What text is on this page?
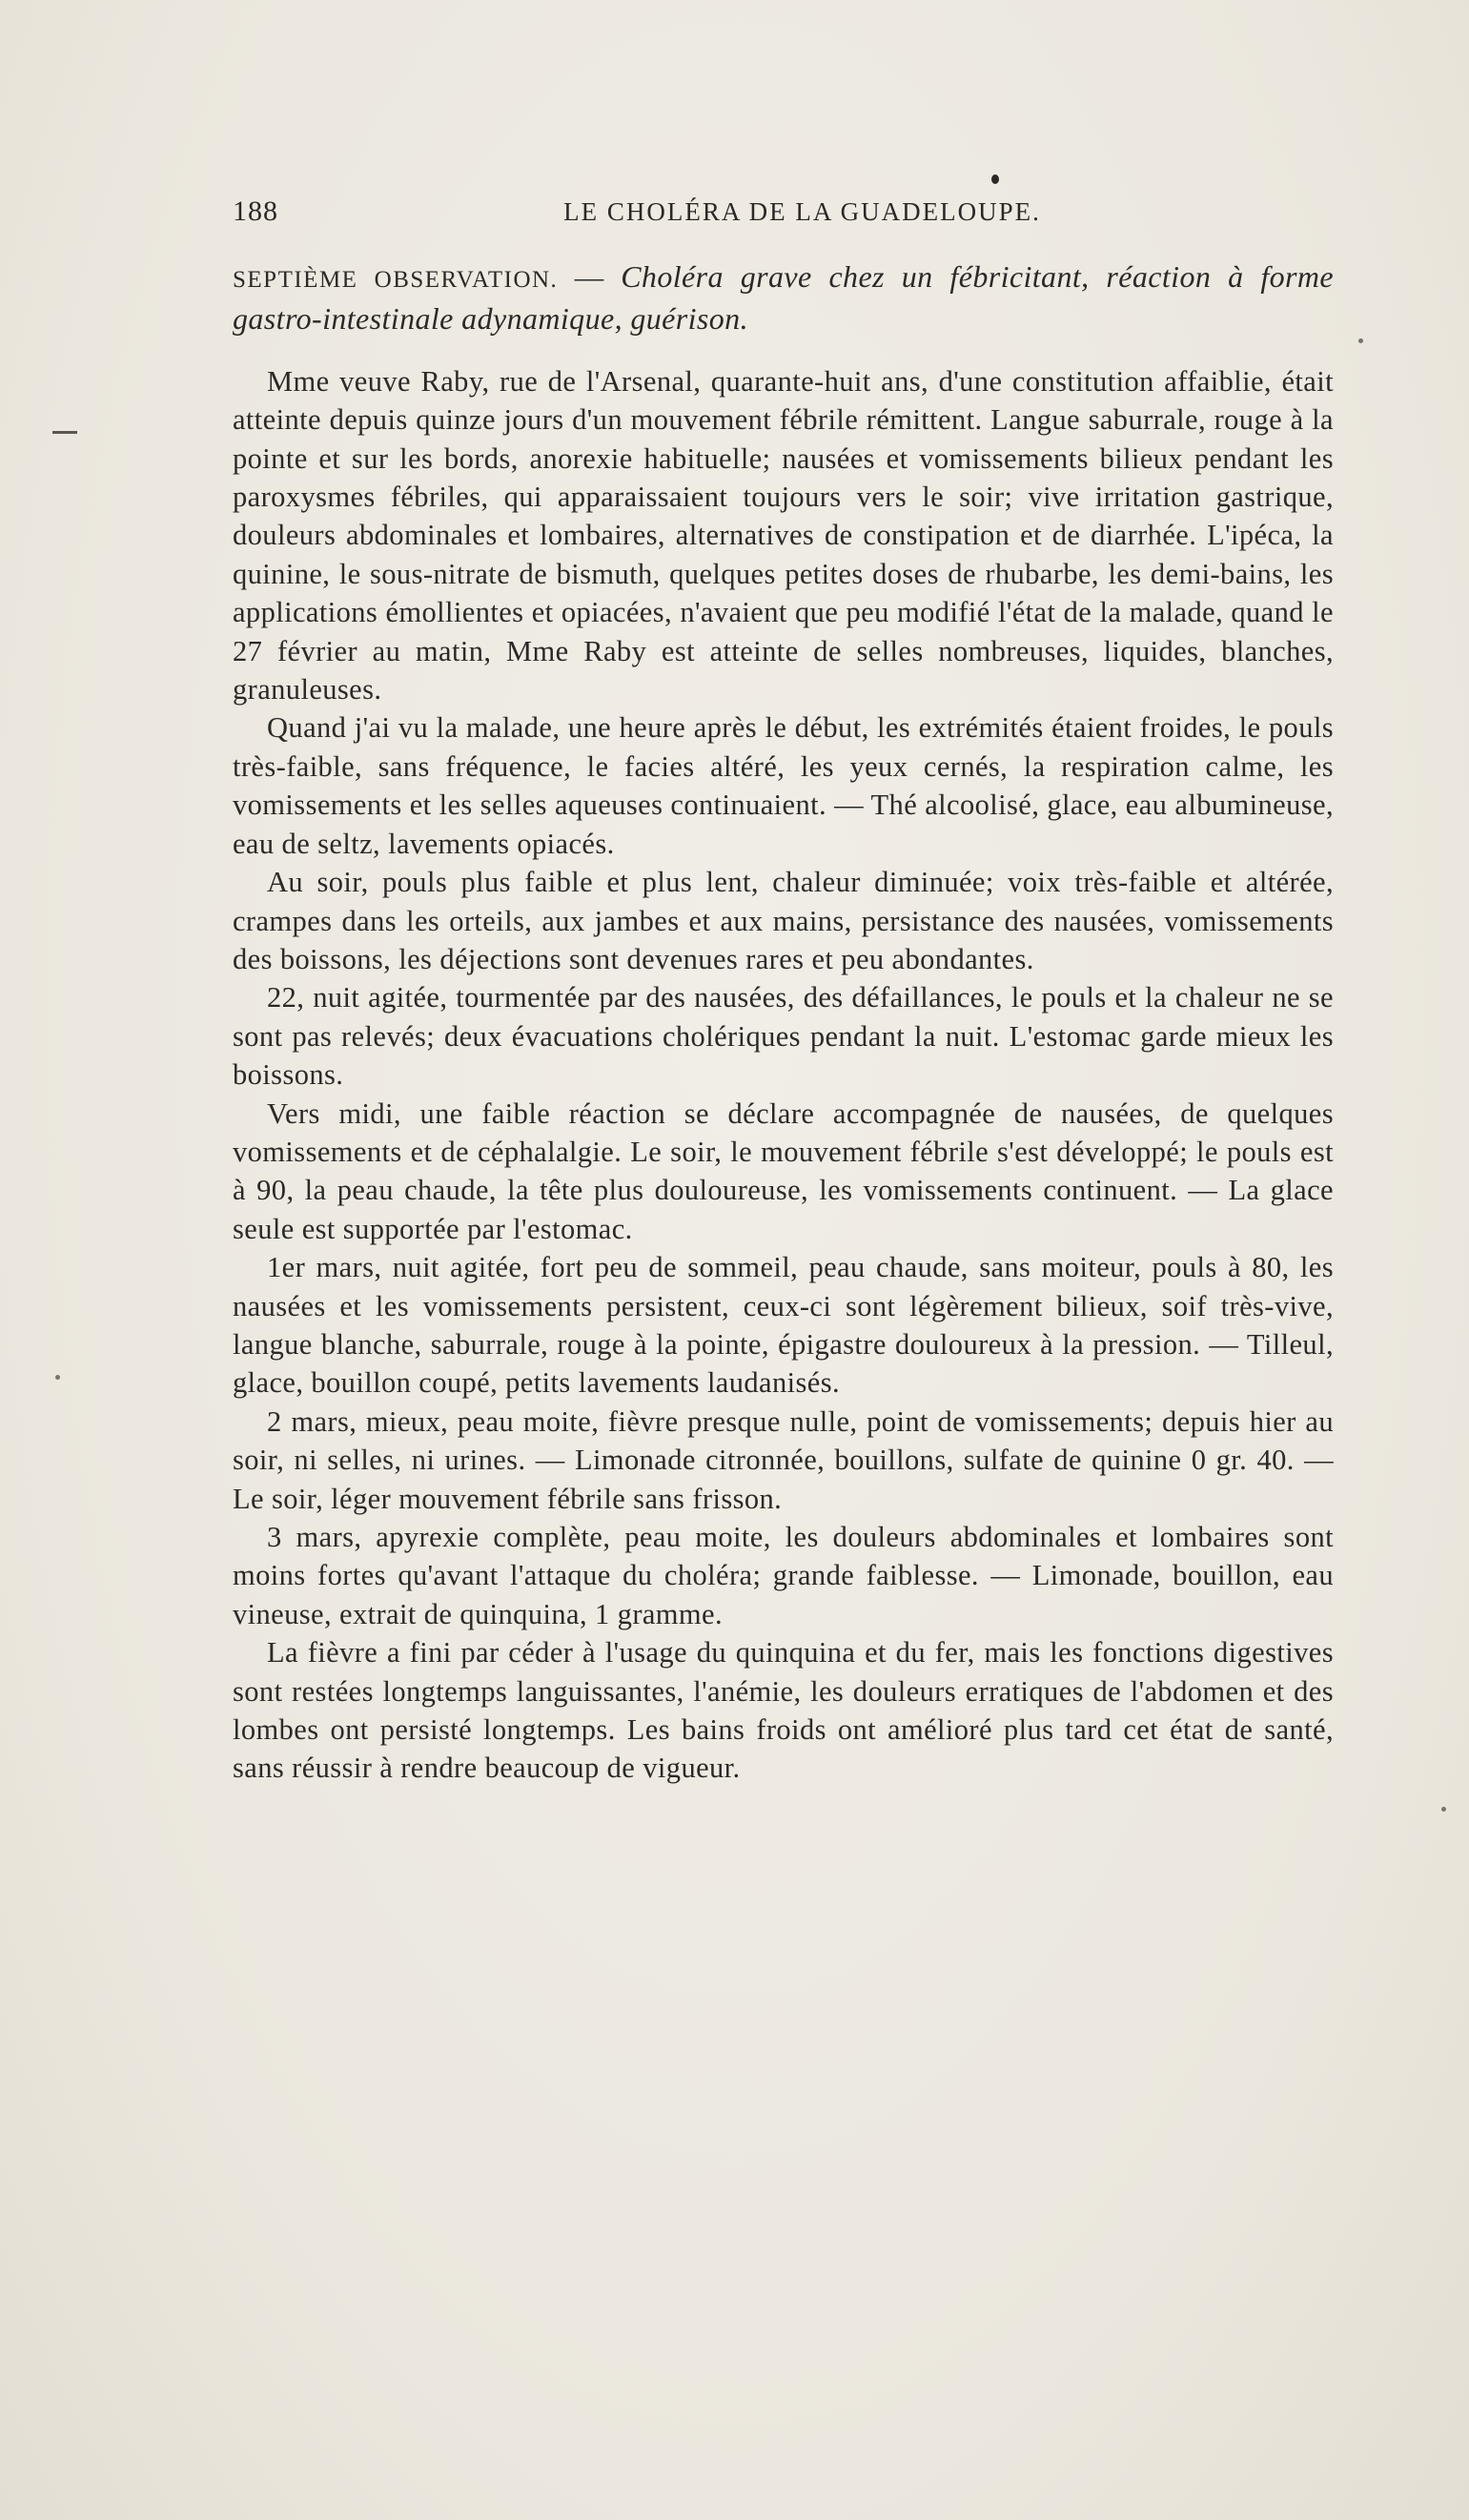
188	LE CHOLÉRA DE LA GUADELOUPE.

SEPTIÈME OBSERVATION. — Choléra grave chez un fébricitant, réaction à forme gastro-intestinale adynamique, guérison.

Mme veuve Raby, rue de l'Arsenal, quarante-huit ans, d'une constitution affaiblie, était atteinte depuis quinze jours d'un mouvement fébrile rémittent. Langue saburrale, rouge à la pointe et sur les bords, anorexie habituelle; nausées et vomissements bilieux pendant les paroxysmes fébriles, qui apparaissaient toujours vers le soir; vive irritation gastrique, douleurs abdominales et lombaires, alternatives de constipation et de diarrhée. L'ipéca, la quinine, le sous-nitrate de bismuth, quelques petites doses de rhubarbe, les demi-bains, les applications émollientes et opiacées, n'avaient que peu modifié l'état de la malade, quand le 27 février au matin, Mme Raby est atteinte de selles nombreuses, liquides, blanches, granuleuses.

Quand j'ai vu la malade, une heure après le début, les extrémités étaient froides, le pouls très-faible, sans fréquence, le facies altéré, les yeux cernés, la respiration calme, les vomissements et les selles aqueuses continuaient. — Thé alcoolisé, glace, eau albumineuse, eau de seltz, lavements opiacés.

Au soir, pouls plus faible et plus lent, chaleur diminuée; voix très-faible et altérée, crampes dans les orteils, aux jambes et aux mains, persistance des nausées, vomissements des boissons, les déjections sont devenues rares et peu abondantes.

22, nuit agitée, tourmentée par des nausées, des défaillances, le pouls et la chaleur ne se sont pas relevés; deux évacuations cholériques pendant la nuit. L'estomac garde mieux les boissons.

Vers midi, une faible réaction se déclare accompagnée de nausées, de quelques vomissements et de céphalalgie. Le soir, le mouvement fébrile s'est développé; le pouls est à 90, la peau chaude, la tête plus douloureuse, les vomissements continuent. — La glace seule est supportée par l'estomac.

1er mars, nuit agitée, fort peu de sommeil, peau chaude, sans moiteur, pouls à 80, les nausées et les vomissements persistent, ceux-ci sont légèrement bilieux, soif très-vive, langue blanche, saburrale, rouge à la pointe, épigastre douloureux à la pression. — Tilleul, glace, bouillon coupé, petits lavements laudanisés.

2 mars, mieux, peau moite, fièvre presque nulle, point de vomissements; depuis hier au soir, ni selles, ni urines. — Limonade citronnée, bouillons, sulfate de quinine 0 gr. 40. — Le soir, léger mouvement fébrile sans frisson.

3 mars, apyrexie complète, peau moite, les douleurs abdominales et lombaires sont moins fortes qu'avant l'attaque du choléra; grande faiblesse. — Limonade, bouillon, eau vineuse, extrait de quinquina, 1 gramme.

La fièvre a fini par céder à l'usage du quinquina et du fer, mais les fonctions digestives sont restées longtemps languissantes, l'anémie, les douleurs erratiques de l'abdomen et des lombes ont persisté longtemps. Les bains froids ont amélioré plus tard cet état de santé, sans réussir à rendre beaucoup de vigueur.
